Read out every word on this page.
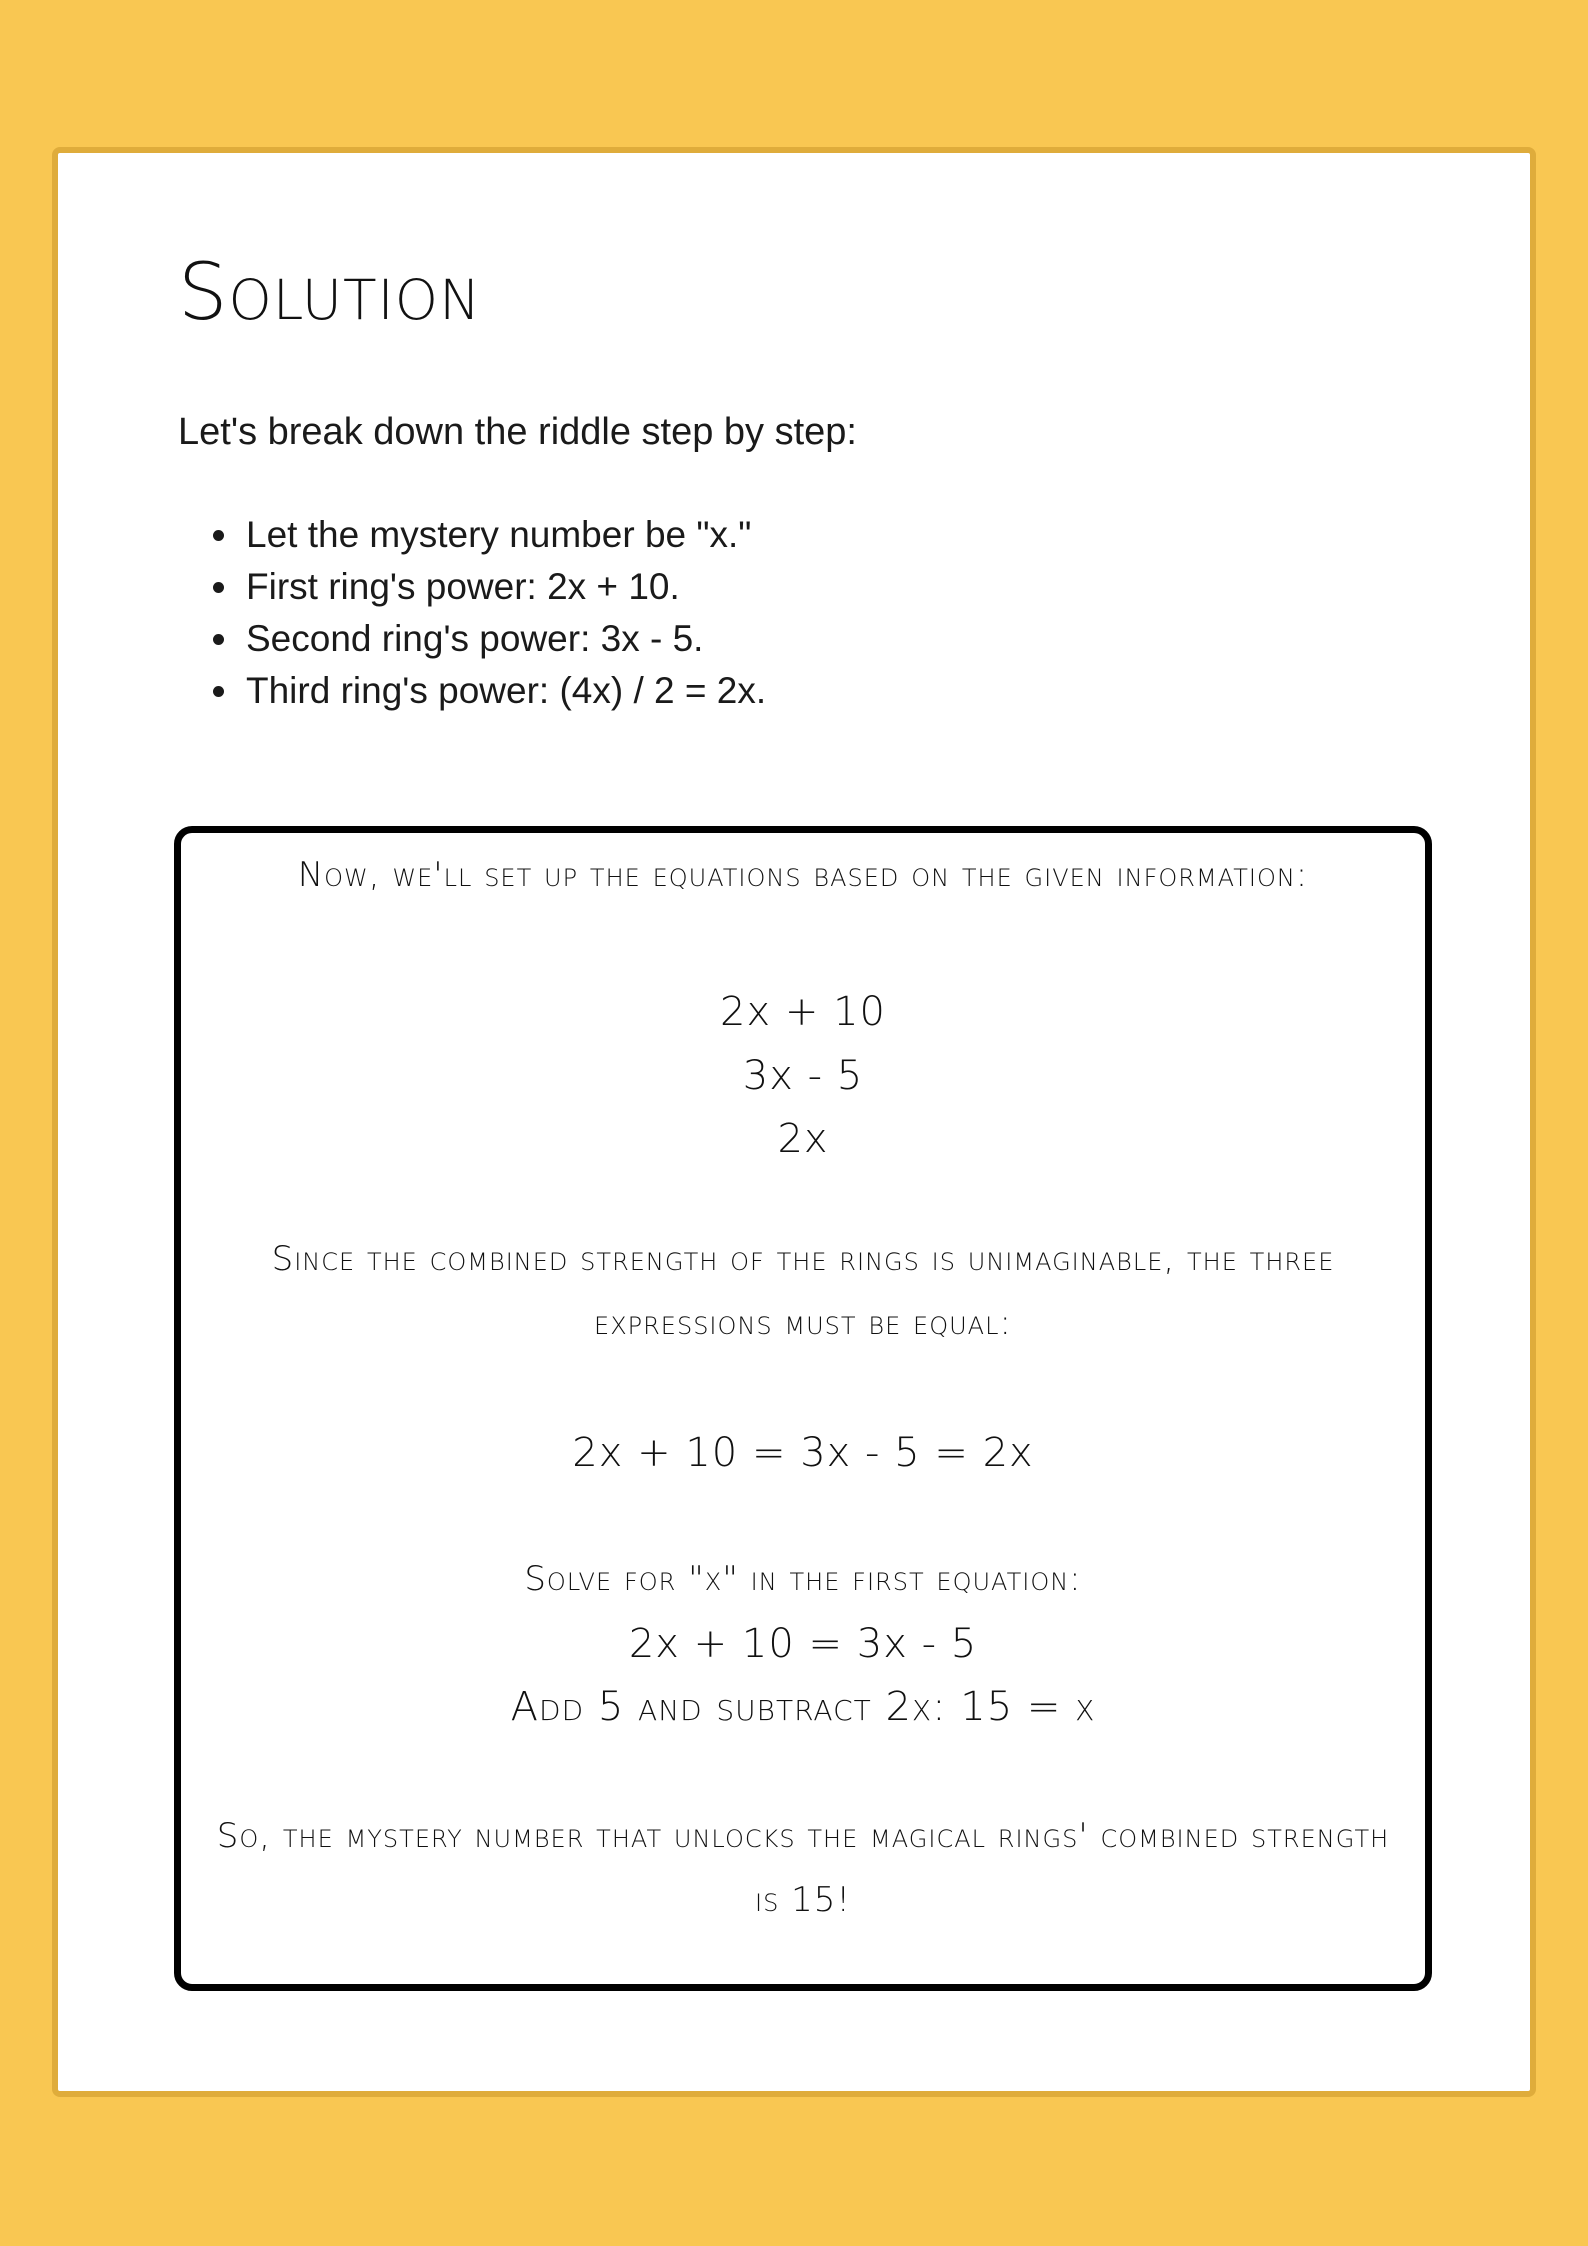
Solution

Let's break down the riddle step by step:

• Let the mystery number be "x."
• First ring's power: 2x + 10.
• Second ring's power: 3x - 5.
• Third ring's power: (4x) / 2 = 2x.

Now, we'll set up the equations based on the given information:

2x + 10

3x - 5

2x

Since the combined strength of the rings is unimaginable, the three expressions must be equal:

2x + 10 = 3x - 5 = 2x

Solve for "x" in the first equation:

2x + 10 = 3x - 5

Add 5 and subtract 2x: 15 = x

So, the mystery number that unlocks the magical rings' combined strength is 15!
